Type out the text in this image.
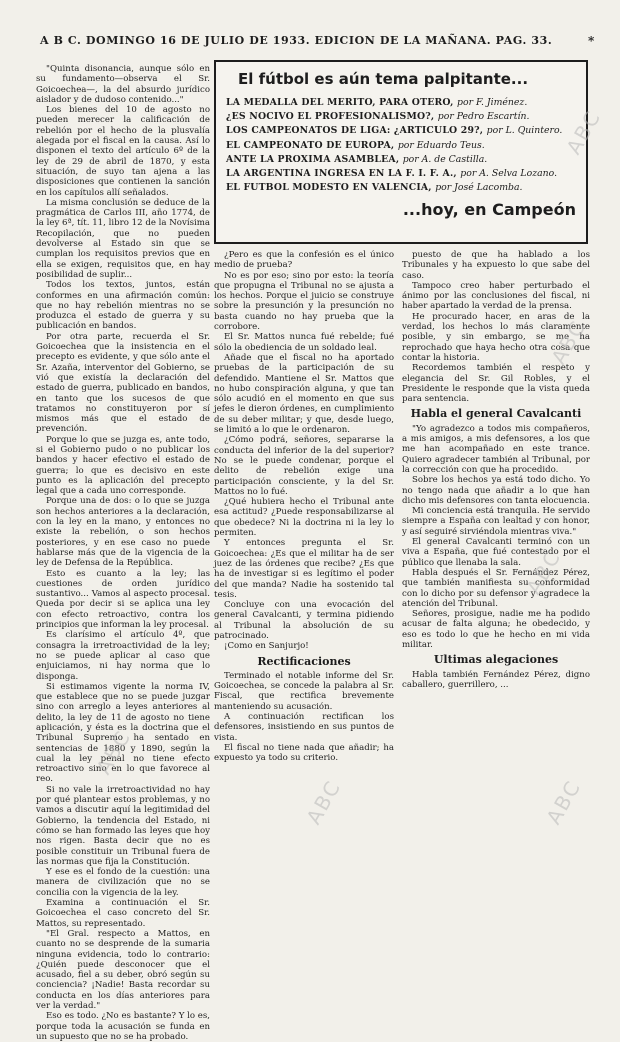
A B C. DOMINGO 16 DE JULIO DE 1933. EDICION DE LA MAÑANA. PAG. 33.	*
El fútbol es aún tema palpitante...
LA MEDALLA DEL MERITO, PARA OTERO, por F. Jiménez.
¿ES NOCIVO EL PROFESIONALISMO?, por Pedro Escartín.
LOS CAMPEONATOS DE LIGA: ¿ARTICULO 29?, por L. Quintero.
EL CAMPEONATO DE EUROPA, por Eduardo Teus.
ANTE LA PROXIMA ASAMBLEA, por A. de Castilla.
LA ARGENTINA INGRESA EN LA F. I. F. A., por A. Selva Lozano.
EL FUTBOL MODESTO EN VALENCIA, por José Lacomba.
...hoy, en Campeón

"Quinta disonancia, aunque sólo en su fundamento—observa el Sr. Goicoechea—, la del absurdo jurídico aislador y de dudoso contenido..."

Los bienes del 10 de agosto no pueden merecer la calificación de rebelión por el hecho de la plusvalía alegada por el fiscal en la causa. Así lo disponen el texto del artículo 6º de la ley de 29 de abril de 1870, y esta situación, de suyo tan ajena a las disposiciones que contienen la sanción en los capítulos allí señalados.

La misma conclusión se deduce de la pragmática de Carlos III, año 1774, de la ley 6ª, tít. 11, libro 12 de la Novísima Recopilación, que no pueden devolverse al Estado sin que se cumplan los requisitos previos que en ella se exigen, requisitos que, en hay posibilidad de suplir...

Todos los textos, juntos, están conformes en una afirmación común: que no hay rebelión mientras no se produzca el estado de guerra y su publicación en bandos.

Por otra parte, recuerda el Sr. Goicoechea que la insistencia en el precepto es evidente, y que sólo ante el Sr. Azaña, interventor del Gobierno, se vió que existía la declaración del estado de guerra, publicado en bandos, en tanto que los sucesos de que tratamos no constituyeron por sí mismos más que el estado de prevención.

Porque lo que se juzga es, ante todo, si el Gobierno pudo o no publicar los bandos y hacer efectivo el estado de guerra; lo que es decisivo en este punto es la aplicación del precepto legal que a cada uno corresponde.

Porque una de dos: o lo que se juzga son hechos anteriores a la declaración, con la ley en la mano, y entonces no existe la rebelión, o son hechos posteriores, y en ese caso no puede hablarse más que de la vigencia de la ley de Defensa de la República.

Esto es cuanto a la ley; las cuestiones de orden jurídico sustantivo... Vamos al aspecto procesal. Queda por decir si se aplica una ley con efecto retroactivo, contra los principios que informan la ley procesal.

Es clarísimo el artículo 4º, que consagra la irretroactividad de la ley; no se puede aplicar al caso que enjuiciamos, ni hay norma que lo disponga.

Si estimamos vigente la norma IV, que establece que no se puede juzgar sino con arreglo a leyes anteriores al delito, la ley de 11 de agosto no tiene aplicación, y ésta es la doctrina que el Tribunal Supremo ha sentado en sentencias de 1880 y 1890, según la cual la ley penal no tiene efecto retroactivo sino en lo que favorece al reo.

Si no vale la irretroactividad no hay por qué plantear estos problemas, y no vamos a discutir aquí la legitimidad del Gobierno, la tendencia del Estado, ni cómo se han formado las leyes que hoy nos rigen. Basta decir que no es posible constituir un Tribunal fuera de las normas que fija la Constitución.

Y ese es el fondo de la cuestión: una manera de civilización que no se concilia con la vigencia de la ley.

Examina a continuación el Sr. Goicoechea el caso concreto del Sr. Mattos, su representado.

"El Gral. respecto a Mattos, en cuanto no se desprende de la sumaria ninguna evidencia, todo lo contrario: ¿Quién puede desconocer que el acusado, fiel a su deber, obró según su conciencia? ¡Nadie! Basta recordar su conducta en los días anteriores para ver la verdad."

Eso es todo. ¿No es bastante? Y lo es, porque toda la acusación se funda en un supuesto que no se ha probado.

¿Pero es que la confesión es el único medio de prueba?

No es por eso; sino por esto: la teoría que propugna el Tribunal no se ajusta a los hechos. Porque el juicio se construye sobre la presunción y la presunción no basta cuando no hay prueba que la corrobore.

El Sr. Mattos nunca fué rebelde; fué sólo la obediencia de un soldado leal.

Añade que el fiscal no ha aportado pruebas de la participación de su defendido. Mantiene el Sr. Mattos que no hubo conspiración alguna, y que tan sólo acudió en el momento en que sus jefes le dieron órdenes, en cumplimiento de su deber militar; y que, desde luego, se limitó a lo que le ordenaron.

¿Cómo podrá, señores, separarse la conducta del inferior de la del superior? No se le puede condenar, porque el delito de rebelión exige una participación consciente, y la del Sr. Mattos no lo fué.

¿Qué hubiera hecho el Tribunal ante esa actitud? ¿Puede responsabilizarse al que obedece? Ni la doctrina ni la ley lo permiten.

Y entonces pregunta el Sr. Goicoechea: ¿Es que el militar ha de ser juez de las órdenes que recibe? ¿Es que ha de investigar si es legítimo el poder del que manda? Nadie ha sostenido tal tesis.

Concluye con una evocación del general Cavalcanti, y termina pidiendo al Tribunal la absolución de su patrocinado.

¡Como en Sanjurjo!

Rectificaciones

Terminado el notable informe del Sr. Goicoechea, se concede la palabra al Sr. Fiscal, que rectifica brevemente manteniendo su acusación.

A continuación rectifican los defensores, insistiendo en sus puntos de vista.

El fiscal no tiene nada que añadir; ha expuesto ya todo su criterio.

puesto de que ha hablado a los Tribunales y ha expuesto lo que sabe del caso.

Tampoco creo haber perturbado el ánimo por las conclusiones del fiscal, ni haber apartado la verdad de la prensa.

He procurado hacer, en aras de la verdad, los hechos lo más claramente posible, y sin embargo, se me ha reprochado que haya hecho otra cosa que contar la historia.

Recordemos también el respeto y elegancia del Sr. Gil Robles, y el Presidente le responde que la vista queda para sentencia.

Habla el general Cavalcanti

"Yo agradezco a todos mis compañeros, a mis amigos, a mis defensores, a los que me han acompañado en este trance. Quiero agradecer también al Tribunal, por la corrección con que ha procedido.

Sobre los hechos ya está todo dicho. Yo no tengo nada que añadir a lo que han dicho mis defensores con tanta elocuencia.

Mi conciencia está tranquila. He servido siempre a España con lealtad y con honor, y así seguiré sirviéndola mientras viva."

El general Cavalcanti terminó con un viva a España, que fué contestado por el público que llenaba la sala.

Habla después el Sr. Fernández Pérez, que también manifiesta su conformidad con lo dicho por su defensor y agradece la atención del Tribunal.

Señores, prosigue, nadie me ha podido acusar de falta alguna; he obedecido, y eso es todo lo que he hecho en mi vida militar.

Ultimas alegaciones

Habla también Fernández Pérez, digno caballero, guerrillero, ...

ABC
ABC
ABC
ABC
ABC	ABC
